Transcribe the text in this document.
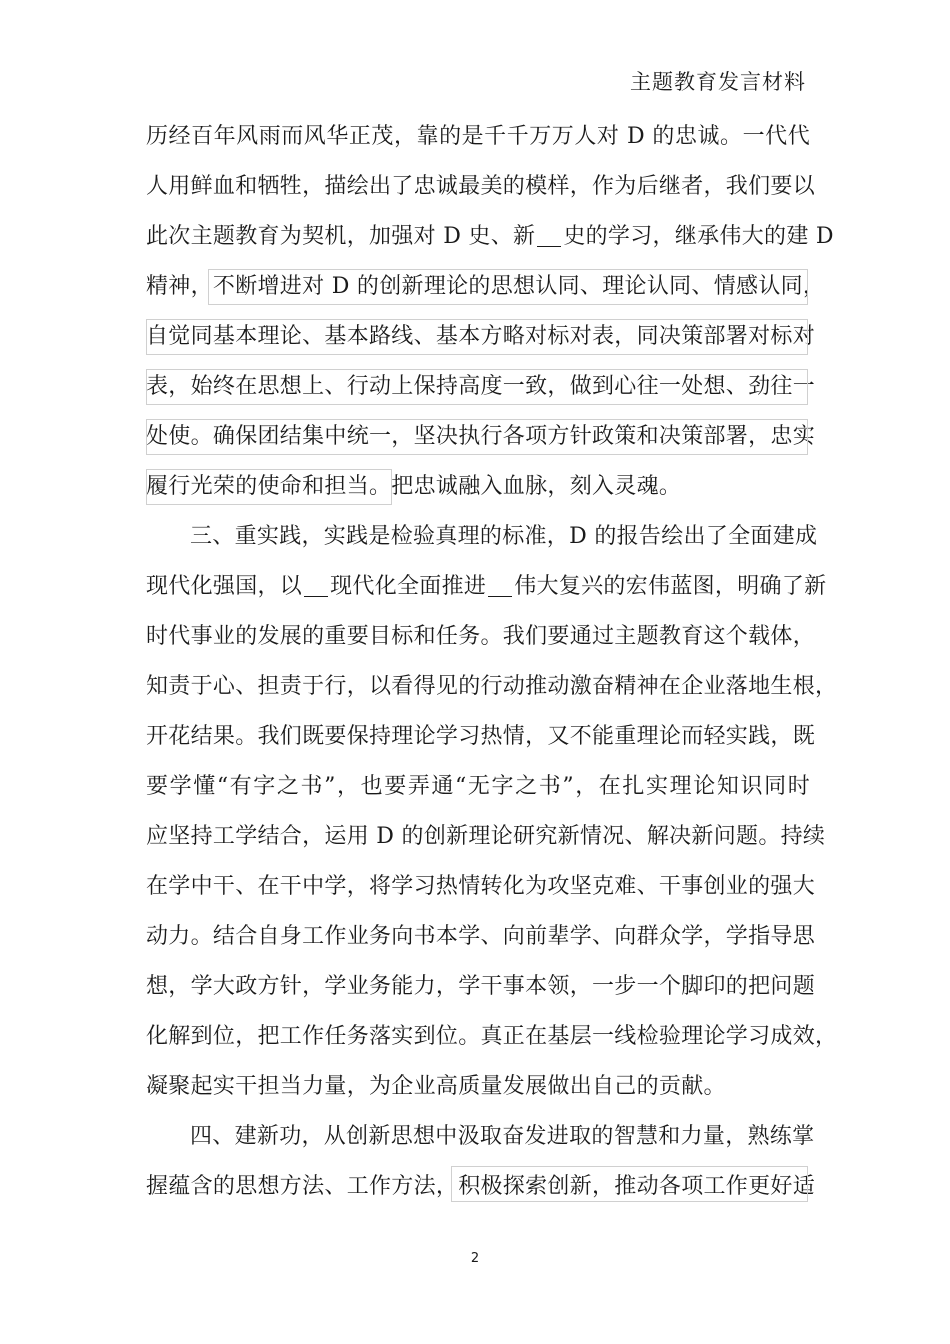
主题教育发言材料
历经百年风雨而风华正茂，靠的是千千万万人对 D 的忠诚。一代代
人用鲜血和牺牲，描绘出了忠诚最美的模样，作为后继者，我们要以
此次主题教育为契机，加强对 D 史、新 史的学习，继承伟大的建 D
精神，不断增进对 D 的创新理论的思想认同、理论认同、情感认同，
自觉同基本理论、基本路线、基本方略对标对表，同决策部署对标对
表，始终在思想上、行动上保持高度一致，做到心往一处想、劲往一
处使。确保团结集中统一，坚决执行各项方针政策和决策部署，忠实
履行光荣的使命和担当。把忠诚融入血脉，刻入灵魂。
三、重实践，实践是检验真理的标准，D 的报告绘出了全面建成
现代化强国，以 现代化全面推进 伟大复兴的宏伟蓝图，明确了新
时代事业的发展的重要目标和任务。我们要通过主题教育这个载体，
知责于心、担责于行，以看得见的行动推动激奋精神在企业落地生根，
开花结果。我们既要保持理论学习热情，又不能重理论而轻实践，既
要学懂“有字之书”，也要弄通“无字之书”，在扎实理论知识同时
应坚持工学结合，运用 D 的创新理论研究新情况、解决新问题。持续
在学中干、在干中学，将学习热情转化为攻坚克难、干事创业的强大
动力。结合自身工作业务向书本学、向前辈学、向群众学，学指导思
想，学大政方针，学业务能力，学干事本领，一步一个脚印的把问题
化解到位，把工作任务落实到位。真正在基层一线检验理论学习成效，
凝聚起实干担当力量，为企业高质量发展做出自己的贡献。
四、建新功，从创新思想中汲取奋发进取的智慧和力量，熟练掌
握蕴含的思想方法、工作方法，积极探索创新，推动各项工作更好适
2
